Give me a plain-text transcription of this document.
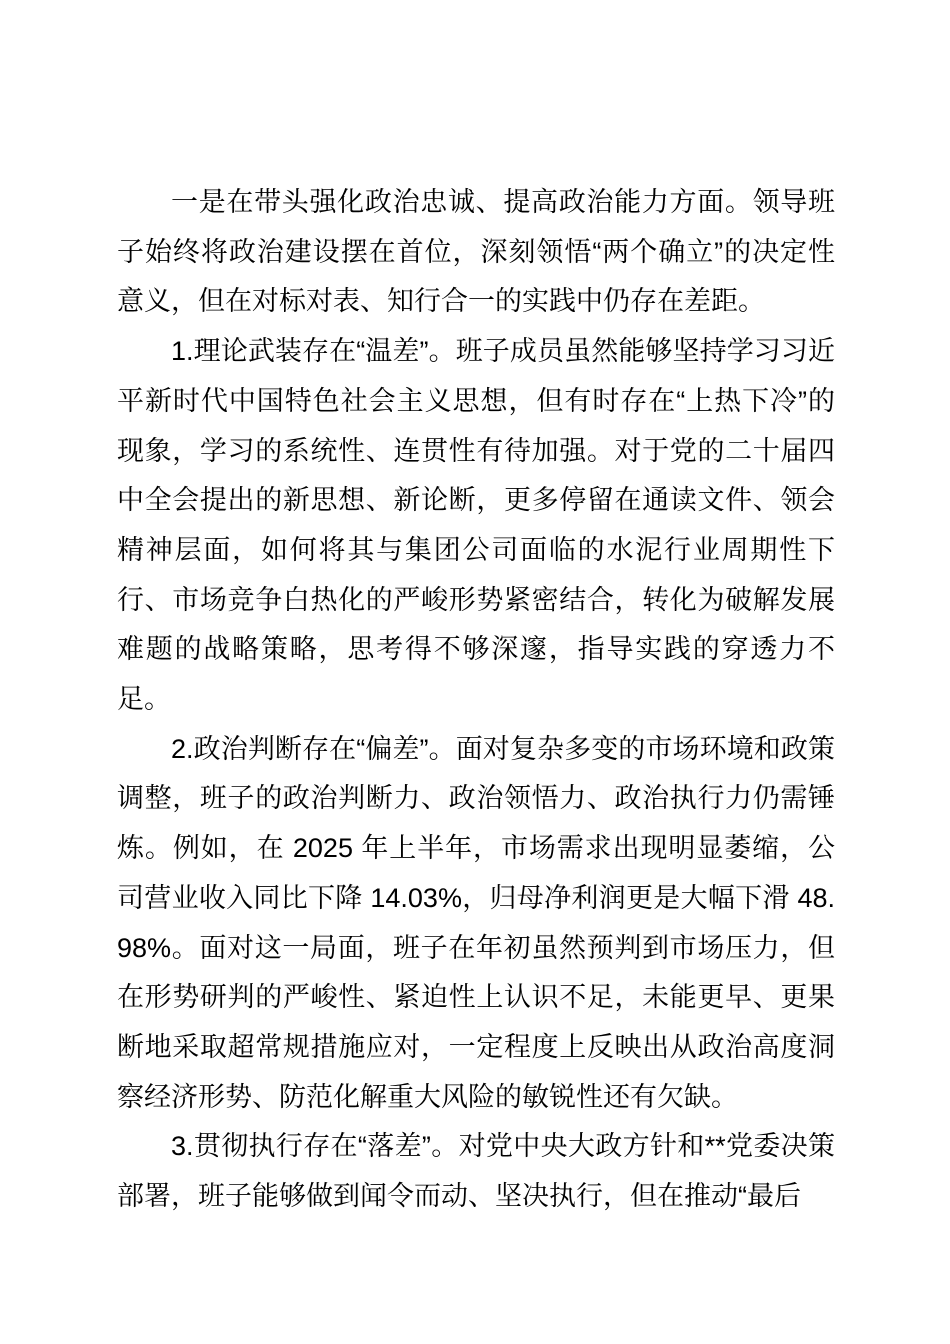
一是在带头强化政治忠诚、提高政治能力方面。领导班子始终将政治建设摆在首位，深刻领悟“两个确立”的决定性意义，但在对标对表、知行合一的实践中仍存在差距。

1.理论武装存在“温差”。班子成员虽然能够坚持学习习近平新时代中国特色社会主义思想，但有时存在“上热下冷”的现象，学习的系统性、连贯性有待加强。对于党的二十届四中全会提出的新思想、新论断，更多停留在通读文件、领会精神层面，如何将其与集团公司面临的水泥行业周期性下行、市场竞争白热化的严峻形势紧密结合，转化为破解发展难题的战略策略，思考得不够深邃，指导实践的穿透力不足。

2.政治判断存在“偏差”。面对复杂多变的市场环境和政策调整，班子的政治判断力、政治领悟力、政治执行力仍需锤炼。例如，在 2025 年上半年，市场需求出现明显萎缩，公司营业收入同比下降 14.03%，归母净利润更是大幅下滑 48.98%。面对这一局面，班子在年初虽然预判到市场压力，但在形势研判的严峻性、紧迫性上认识不足，未能更早、更果断地采取超常规措施应对，一定程度上反映出从政治高度洞察经济形势、防范化解重大风险的敏锐性还有欠缺。

3.贯彻执行存在“落差”。对党中央大政方针和**党委决策部署，班子能够做到闻令而动、坚决执行，但在推动“最后
